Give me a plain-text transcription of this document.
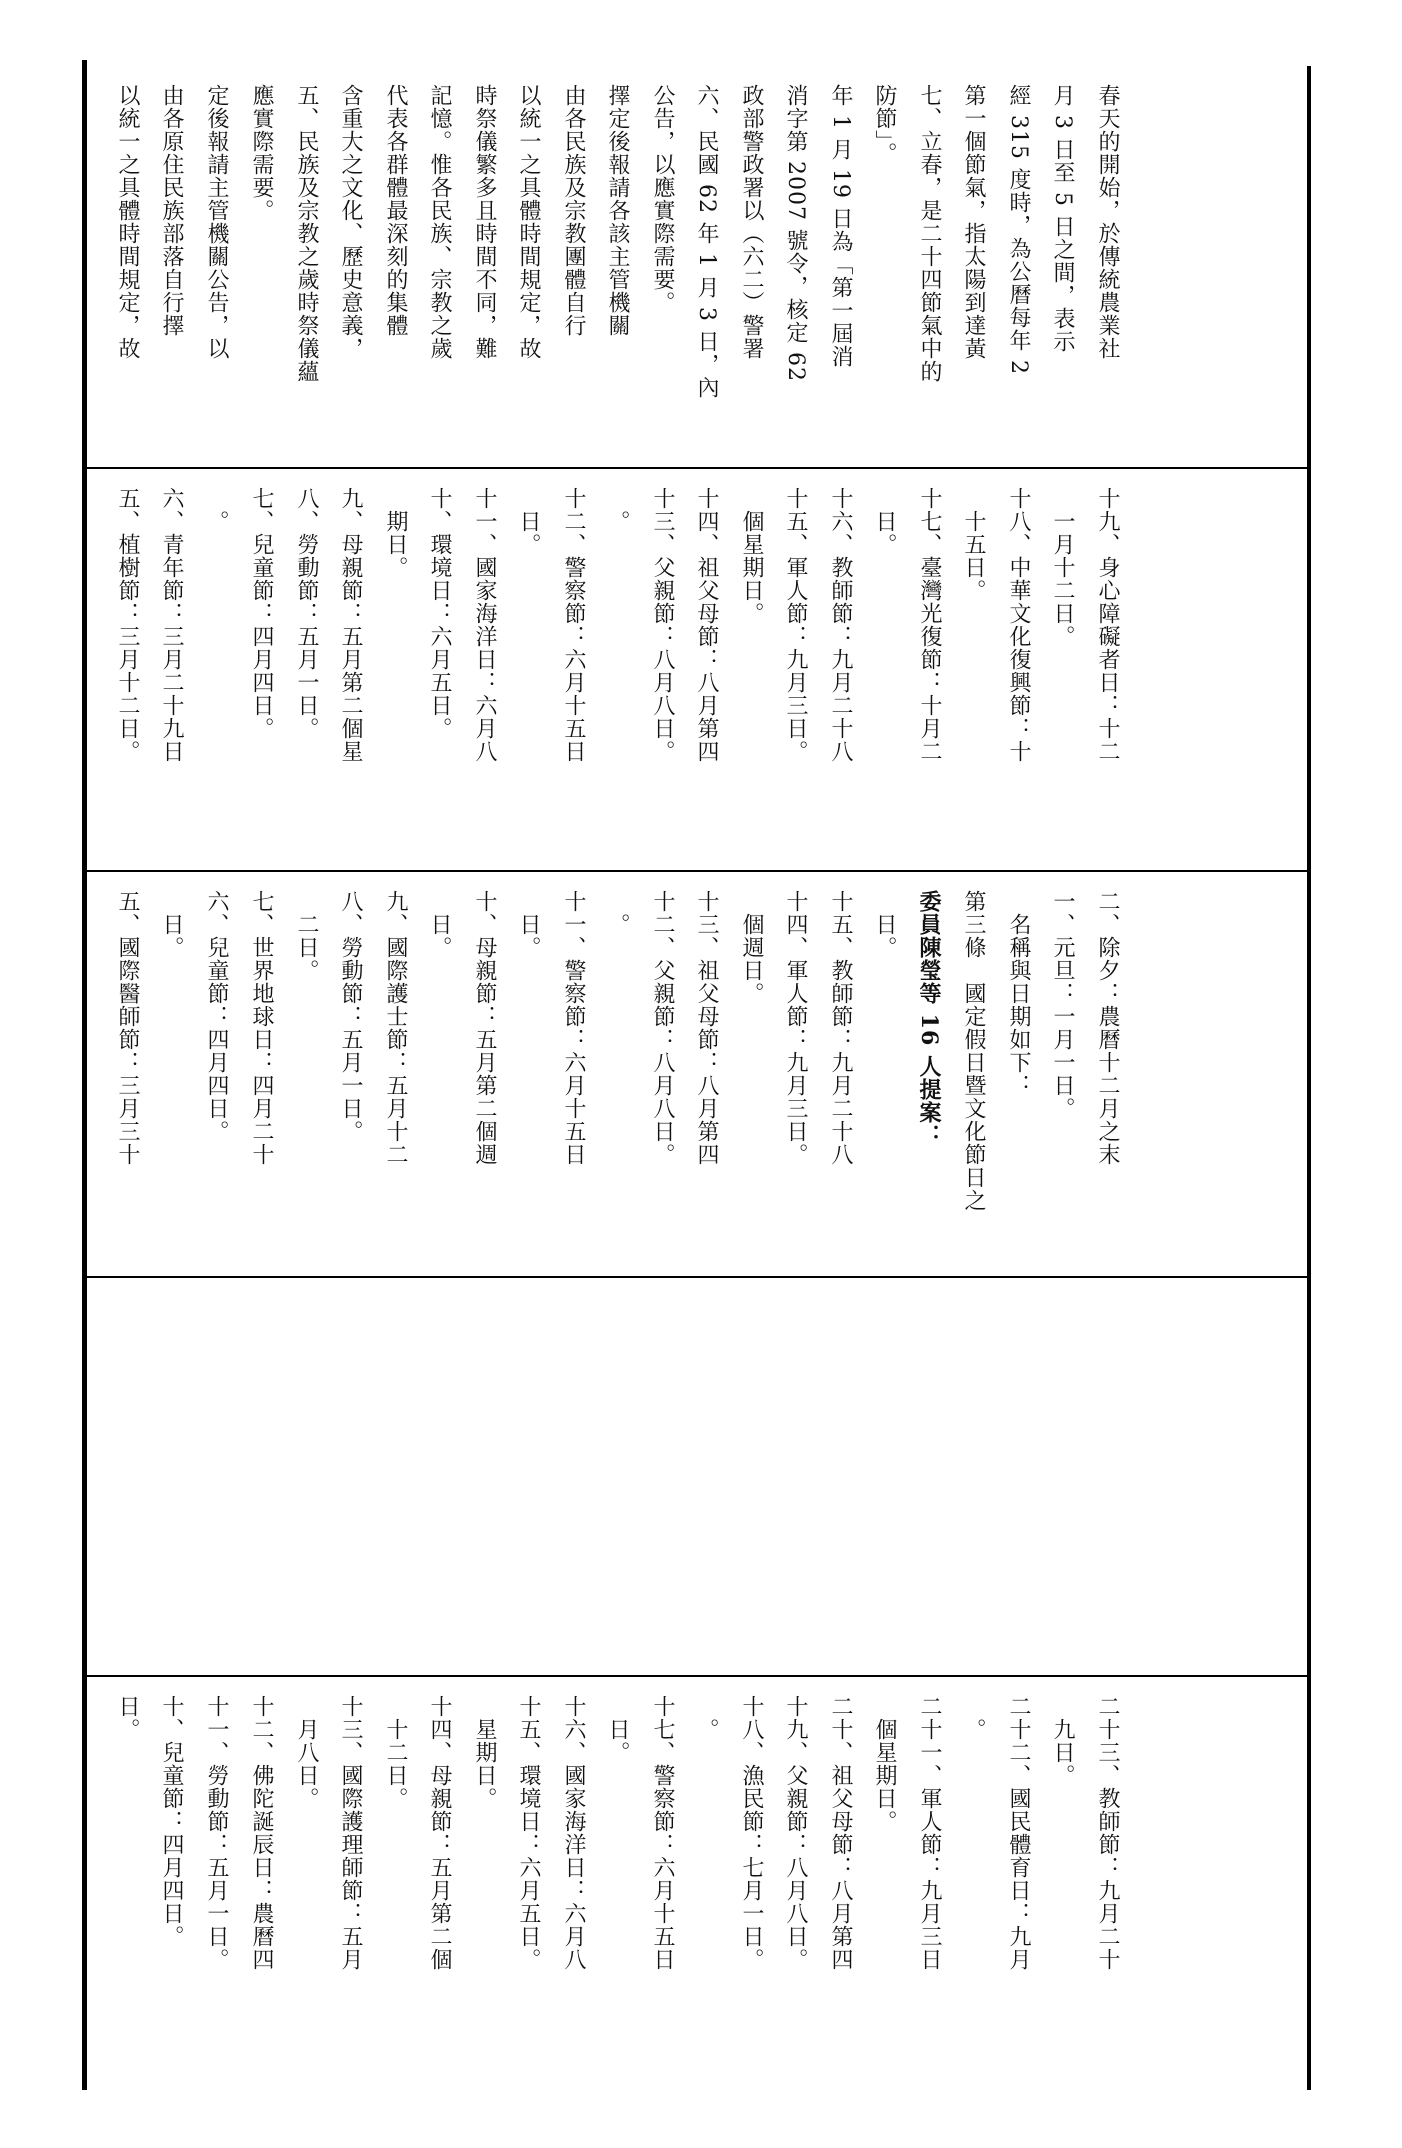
以統一之具體時間規定，故 由各原住民族部落自行擇 定後報請主管機關公告，以 應實際需要。 五、民族及宗教之歲時祭儀蘊 含重大之文化、歷史意義， 代表各群體最深刻的集體 記憶。惟各民族、宗教之歲 時祭儀繁多且時間不同，難 以統一之具體時間規定，故 由各民族及宗教團體自行 擇定後報請各該主管機關 公告，以應實際需要。 六、民國 62 年 1 月 3 日，內 政部警政署以（六二）警署 消字第 2007 號令，核定 62 年 1 月 19 日為「第一屆消 防節」。 七、立春，是二十四節氣中的 第一個節氣，指太陽到達黃 經 315 度時，為公曆每年 2 月 3 日至 5 日之間，表示 春天的開始，於傳統農業社
五、植樹節：三月十二日。 六、青年節：三月二十九日 　。 七、兒童節：四月四日。 八、勞動節：五月一日。 九、母親節：五月第二個星 　期日。 十、環境日：六月五日。 十一、國家海洋日：六月八 　日。 十二、警察節：六月十五日 　。 十三、父親節：八月八日。 十四、祖父母節：八月第四 　個星期日。 十五、軍人節：九月三日。 十六、教師節：九月二十八 　日。 十七、臺灣光復節：十月二 　十五日。 十八、中華文化復興節：十 　一月十二日。 十九、身心障礙者日：十二
五、國際醫師節：三月三十 　日。 六、兒童節：四月四日。 七、世界地球日：四月二十 　二日。 八、勞動節：五月一日。 九、國際護士節：五月十二 　日。 十、母親節：五月第二個週 　日。 十一、警察節：六月十五日 　。 十二、父親節：八月八日。 十三、祖父母節：八月第四 　個週日。 十四、軍人節：九月三日。 十五、教師節：九月二十八 　日。 委員陳瑩等 16 人提案： 第三條　國定假日暨文化節日之 　名稱與日期如下： 一、元旦：一月一日。 二、除夕：農曆十二月之末
日。 十、兒童節：四月四日。 十一、勞動節：五月一日。 十二、佛陀誕辰日：農曆四 　月八日。 十三、國際護理師節：五月 　十二日。 十四、母親節：五月第二個 　星期日。 十五、環境日：六月五日。 十六、國家海洋日：六月八 　日。 十七、警察節：六月十五日 　。 十八、漁民節：七月一日。 十九、父親節：八月八日。 二十、祖父母節：八月第四 　個星期日。 二十一、軍人節：九月三日 　。 二十二、國民體育日：九月 　九日。 二十三、教師節：九月二十
